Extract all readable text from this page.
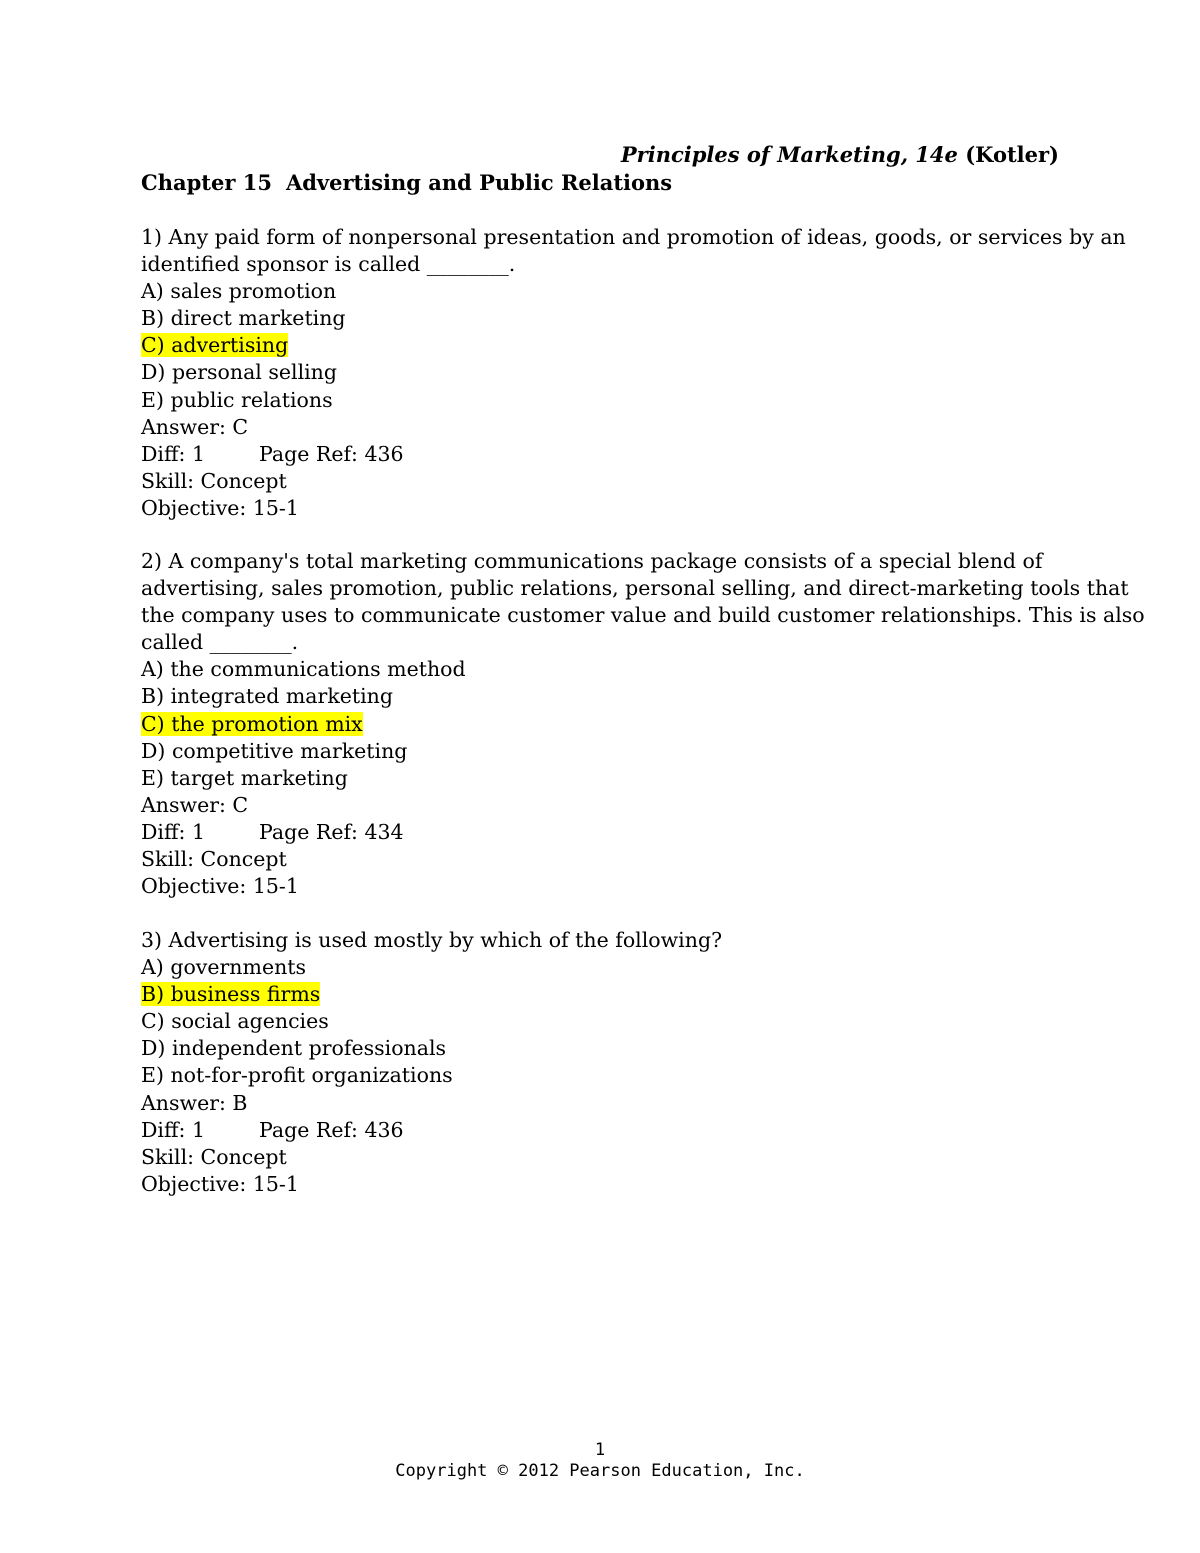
Principles of Marketing, 14e (Kotler)
Chapter 15 Advertising and Public Relations
1) Any paid form of nonpersonal presentation and promotion of ideas, goods, or services by an
identified sponsor is called ________.
A) sales promotion
B) direct marketing
C) advertising
D) personal selling
E) public relations
Answer: C
Diff: 1	Page Ref: 436
Skill: Concept
Objective: 15-1
2) A company's total marketing communications package consists of a special blend of
advertising, sales promotion, public relations, personal selling, and direct-marketing tools that
the company uses to communicate customer value and build customer relationships. This is also
called ________.
A) the communications method
B) integrated marketing
C) the promotion mix
D) competitive marketing
E) target marketing
Answer: C
Diff: 1	Page Ref: 434
Skill: Concept
Objective: 15-1
3) Advertising is used mostly by which of the following?
A) governments
B) business firms
C) social agencies
D) independent professionals
E) not-for-profit organizations
Answer: B
Diff: 1	Page Ref: 436
Skill: Concept
Objective: 15-1
1
Copyright © 2012 Pearson Education, Inc.
